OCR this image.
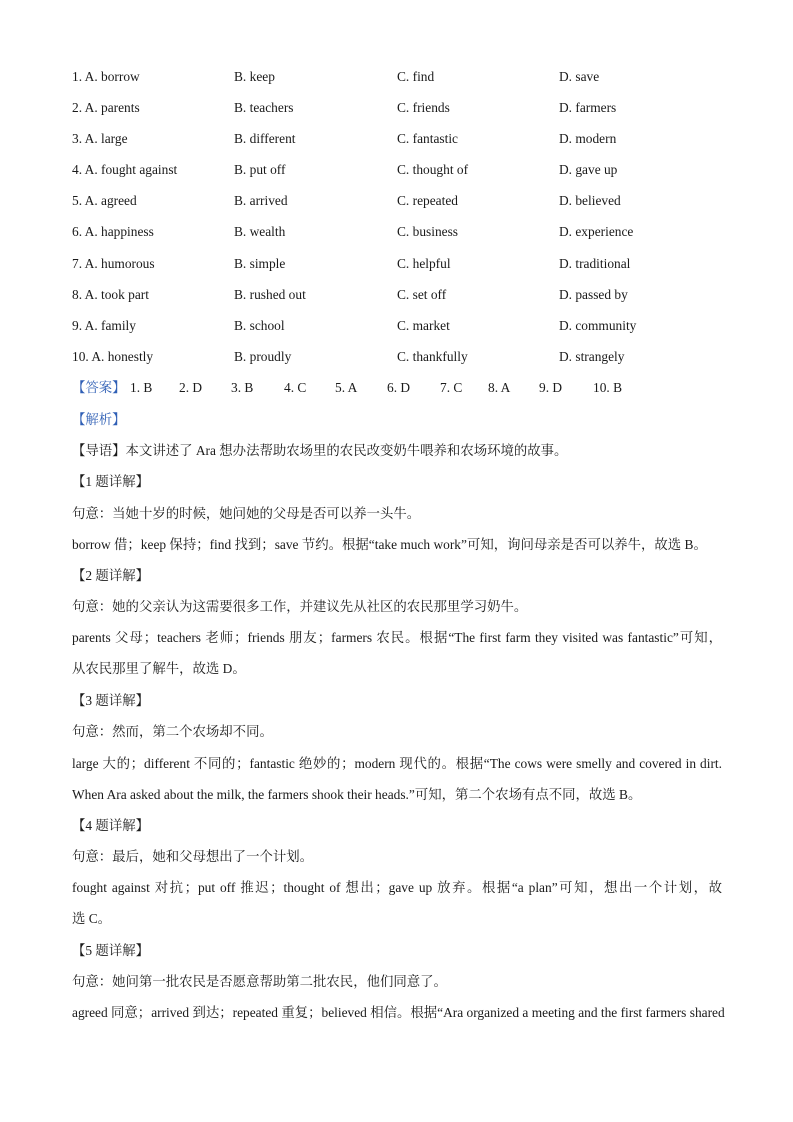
1. A. borrow	B. keep	C. find	D. save
2. A. parents	B. teachers	C. friends	D. farmers
3. A. large	B. different	C. fantastic	D. modern
4. A. fought against	B. put off	C. thought of	D. gave up
5. A. agreed	B. arrived	C. repeated	D. believed
6. A. happiness	B. wealth	C. business	D. experience
7. A. humorous	B. simple	C. helpful	D. traditional
8. A. took part	B. rushed out	C. set off	D. passed by
9. A. family	B. school	C. market	D. community
10. A. honestly	B. proudly	C. thankfully	D. strangely
【答案】 1. B 2. D 3. B 4. C 5. A 6. D 7. C 8. A 9. D 10. B
【解析】
【导语】本文讲述了 Ara 想办法帮助农场里的农民改变奶牛喂养和农场环境的故事。
【1 题详解】
句意：当她十岁的时候，她问她的父母是否可以养一头牛。
borrow 借；keep 保持；find 找到；save 节约。根据“take much work”可知，询问母亲是否可以养牛，故选 B。
【2 题详解】
句意：她的父亲认为这需要很多工作，并建议先从社区的农民那里学习奶牛。
parents 父母；teachers 老师；friends 朋友；farmers 农民。根据“The first farm they visited was fantastic”可知，
从农民那里了解牛，故选 D。
【3 题详解】
句意：然而，第二个农场却不同。
large 大的；different 不同的；fantastic 绝妙的；modern 现代的。根据“The cows were smelly and covered in dirt.
When Ara asked about the milk, the farmers shook their heads.”可知，第二个农场有点不同，故选 B。
【4 题详解】
句意：最后，她和父母想出了一个计划。
fought against 对抗；put off 推迟；thought of 想出；gave up 放弃。根据“a plan”可知，想出一个计划，故
选 C。
【5 题详解】
句意：她问第一批农民是否愿意帮助第二批农民，他们同意了。
agreed 同意；arrived 到达；repeated 重复；believed 相信。根据“Ara organized a meeting and the first farmers shared
